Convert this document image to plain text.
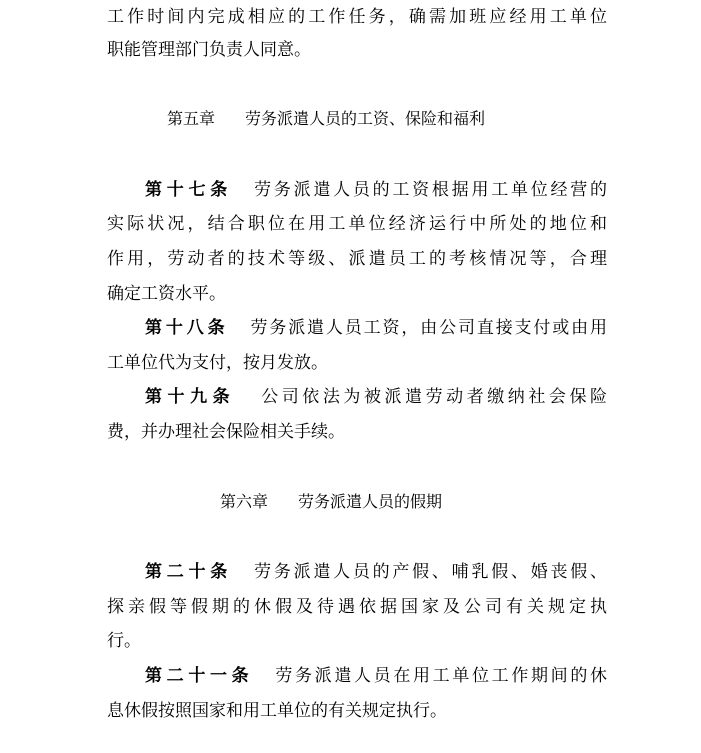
工作时间内完成相应的工作任务，确需加班应经用工单位
职能管理部门负责人同意。
第五章 劳务派遣人员的工资、保险和福利
第十七条 劳务派遣人员的工资根据用工单位经营的
实际状况，结合职位在用工单位经济运行中所处的地位和
作用，劳动者的技术等级、派遣员工的考核情况等，合理
确定工资水平。
第十八条 劳务派遣人员工资，由公司直接支付或由用
工单位代为支付，按月发放。
第十九条 公司依法为被派遣劳动者缴纳社会保险
费，并办理社会保险相关手续。
第六章 劳务派遣人员的假期
第二十条 劳务派遣人员的产假、哺乳假、婚丧假、
探亲假等假期的休假及待遇依据国家及公司有关规定执
行。
第二十一条 劳务派遣人员在用工单位工作期间的休
息休假按照国家和用工单位的有关规定执行。
